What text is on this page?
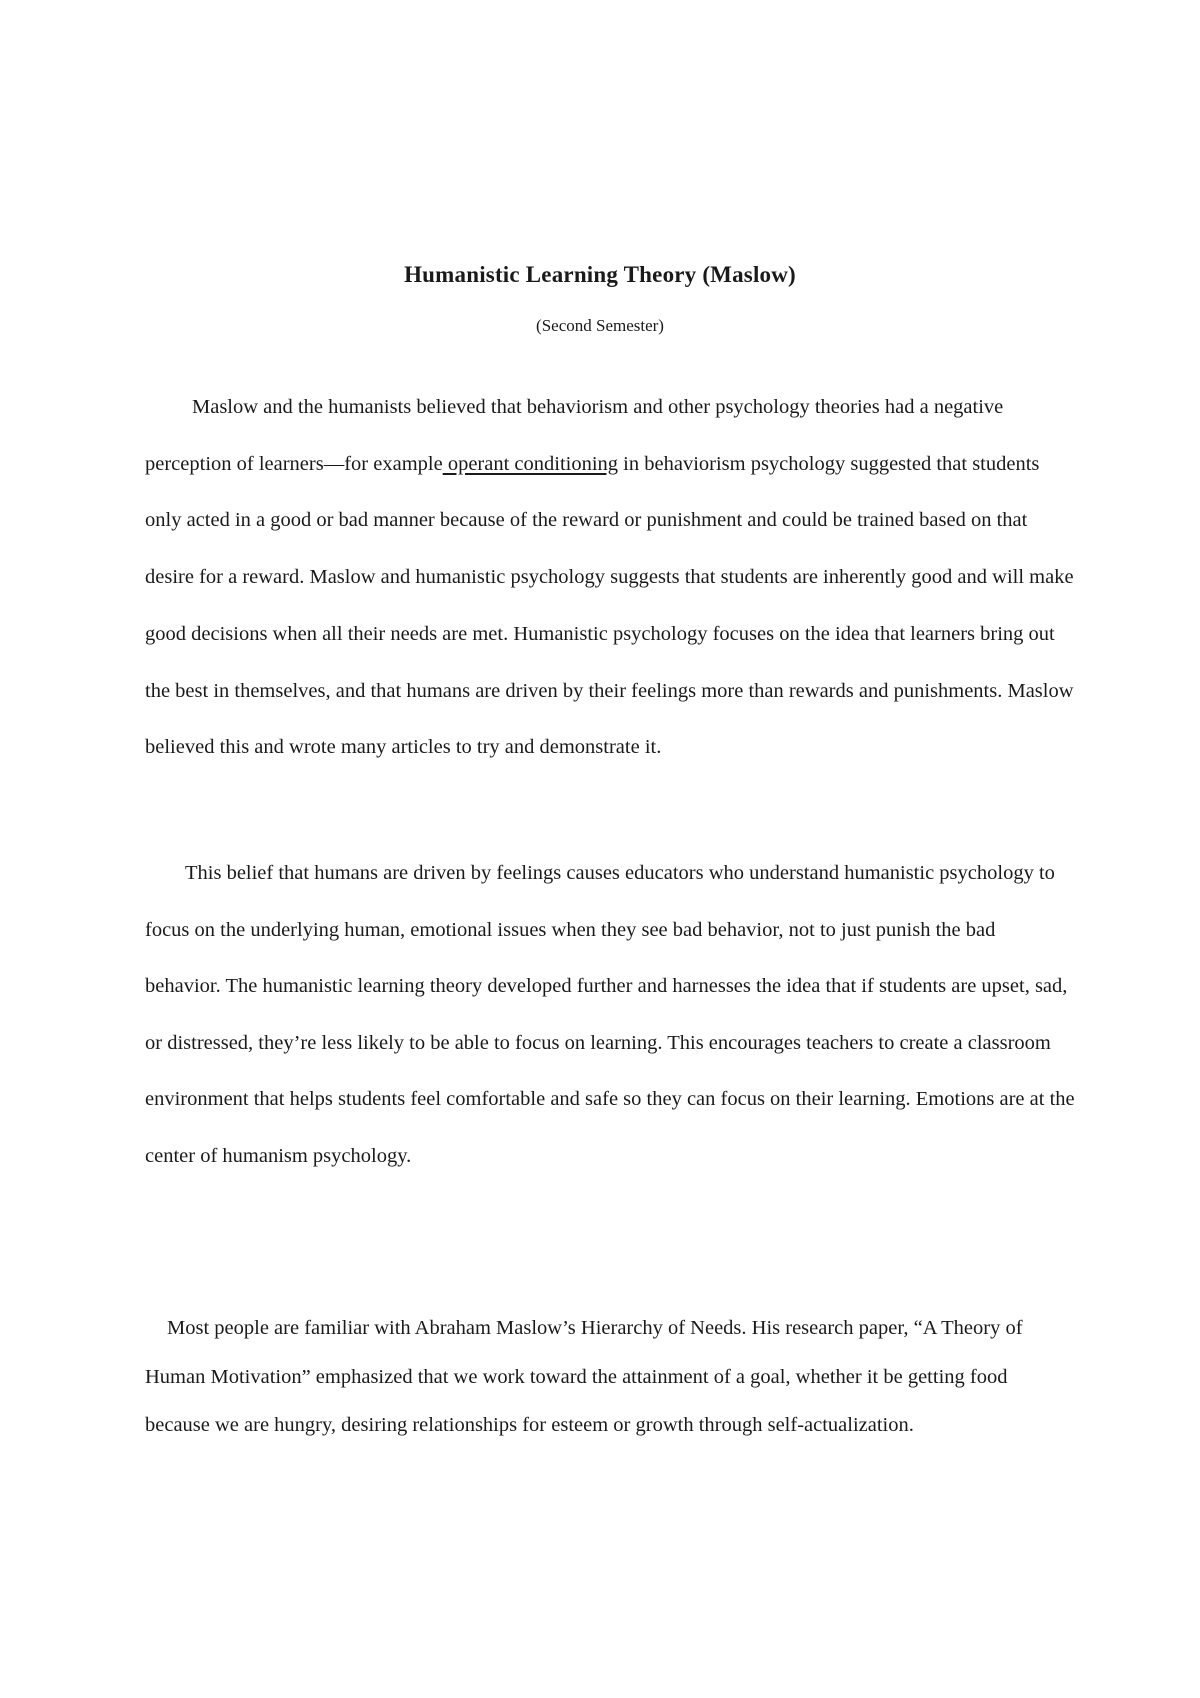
Humanistic Learning Theory (Maslow)
(Second Semester)

Maslow and the humanists believed that behaviorism and other psychology theories had a negative perception of learners—for example operant conditioning in behaviorism psychology suggested that students only acted in a good or bad manner because of the reward or punishment and could be trained based on that desire for a reward. Maslow and humanistic psychology suggests that students are inherently good and will make good decisions when all their needs are met. Humanistic psychology focuses on the idea that learners bring out the best in themselves, and that humans are driven by their feelings more than rewards and punishments. Maslow believed this and wrote many articles to try and demonstrate it.

This belief that humans are driven by feelings causes educators who understand humanistic psychology to focus on the underlying human, emotional issues when they see bad behavior, not to just punish the bad behavior. The humanistic learning theory developed further and harnesses the idea that if students are upset, sad, or distressed, they’re less likely to be able to focus on learning. This encourages teachers to create a classroom environment that helps students feel comfortable and safe so they can focus on their learning. Emotions are at the center of humanism psychology.

Most people are familiar with Abraham Maslow’s Hierarchy of Needs. His research paper, “A Theory of Human Motivation” emphasized that we work toward the attainment of a goal, whether it be getting food because we are hungry, desiring relationships for esteem or growth through self-actualization.
